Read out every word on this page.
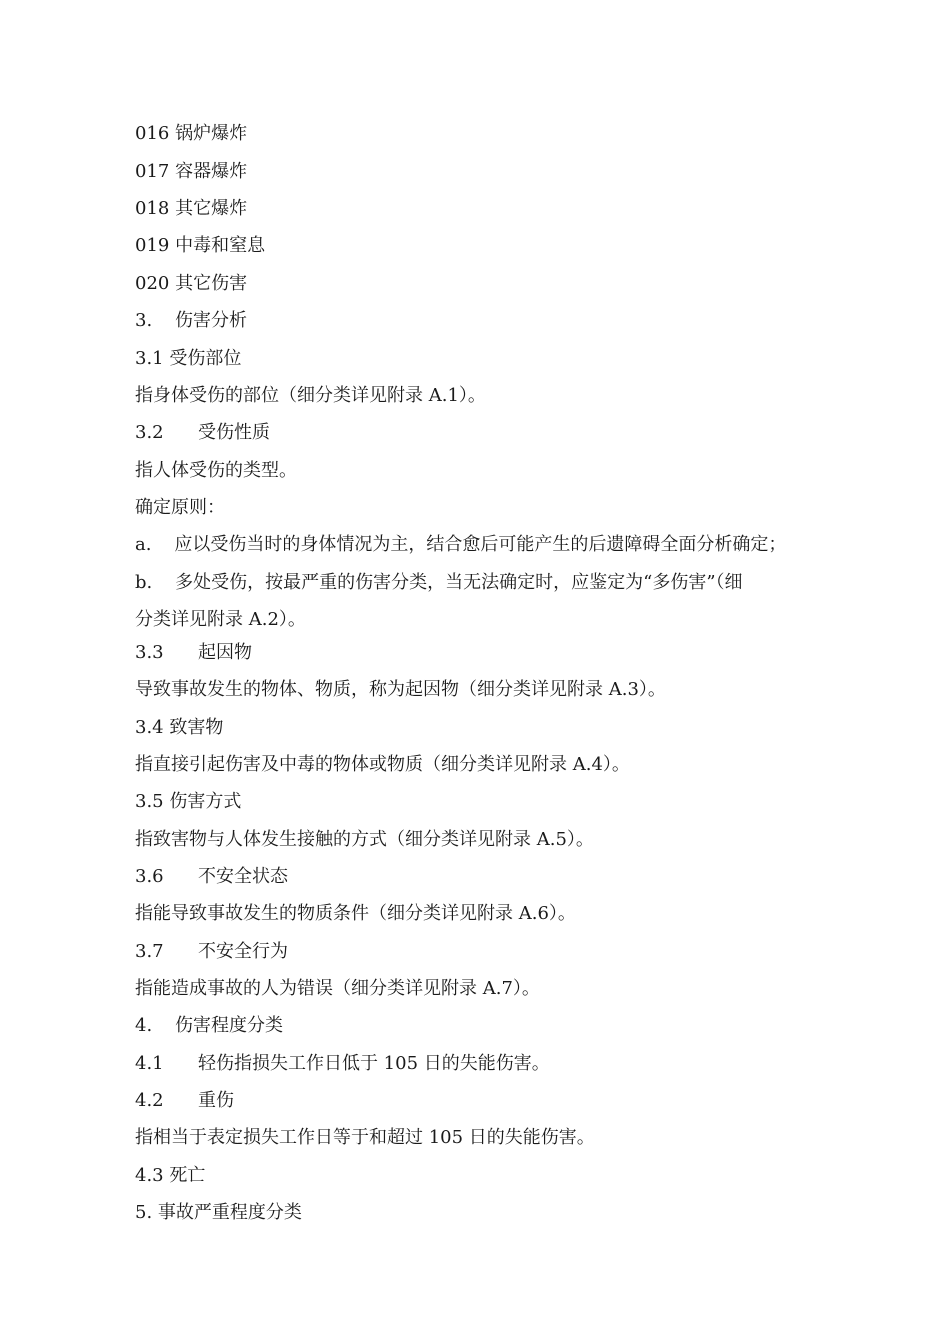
016 锅炉爆炸
017 容器爆炸
018 其它爆炸
019 中毒和窒息
020 其它伤害
3.    伤害分析
3.1 受伤部位
指身体受伤的部位（细分类详见附录 A.1）。
3.2      受伤性质
指人体受伤的类型。
确定原则：
a.    应以受伤当时的身体情况为主，结合愈后可能产生的后遗障碍全面分析确定；
b.    多处受伤，按最严重的伤害分类，当无法确定时，应鉴定为“多伤害”（细
分类详见附录 A.2）。
3.3      起因物
导致事故发生的物体、物质，称为起因物（细分类详见附录 A.3）。
3.4 致害物
指直接引起伤害及中毒的物体或物质（细分类详见附录 A.4）。
3.5 伤害方式
指致害物与人体发生接触的方式（细分类详见附录 A.5）。
3.6      不安全状态
指能导致事故发生的物质条件（细分类详见附录 A.6）。
3.7      不安全行为
指能造成事故的人为错误（细分类详见附录 A.7）。
4.    伤害程度分类
4.1      轻伤指损失工作日低于 105 日的失能伤害。
4.2      重伤
指相当于表定损失工作日等于和超过 105 日的失能伤害。
4.3 死亡
5. 事故严重程度分类
